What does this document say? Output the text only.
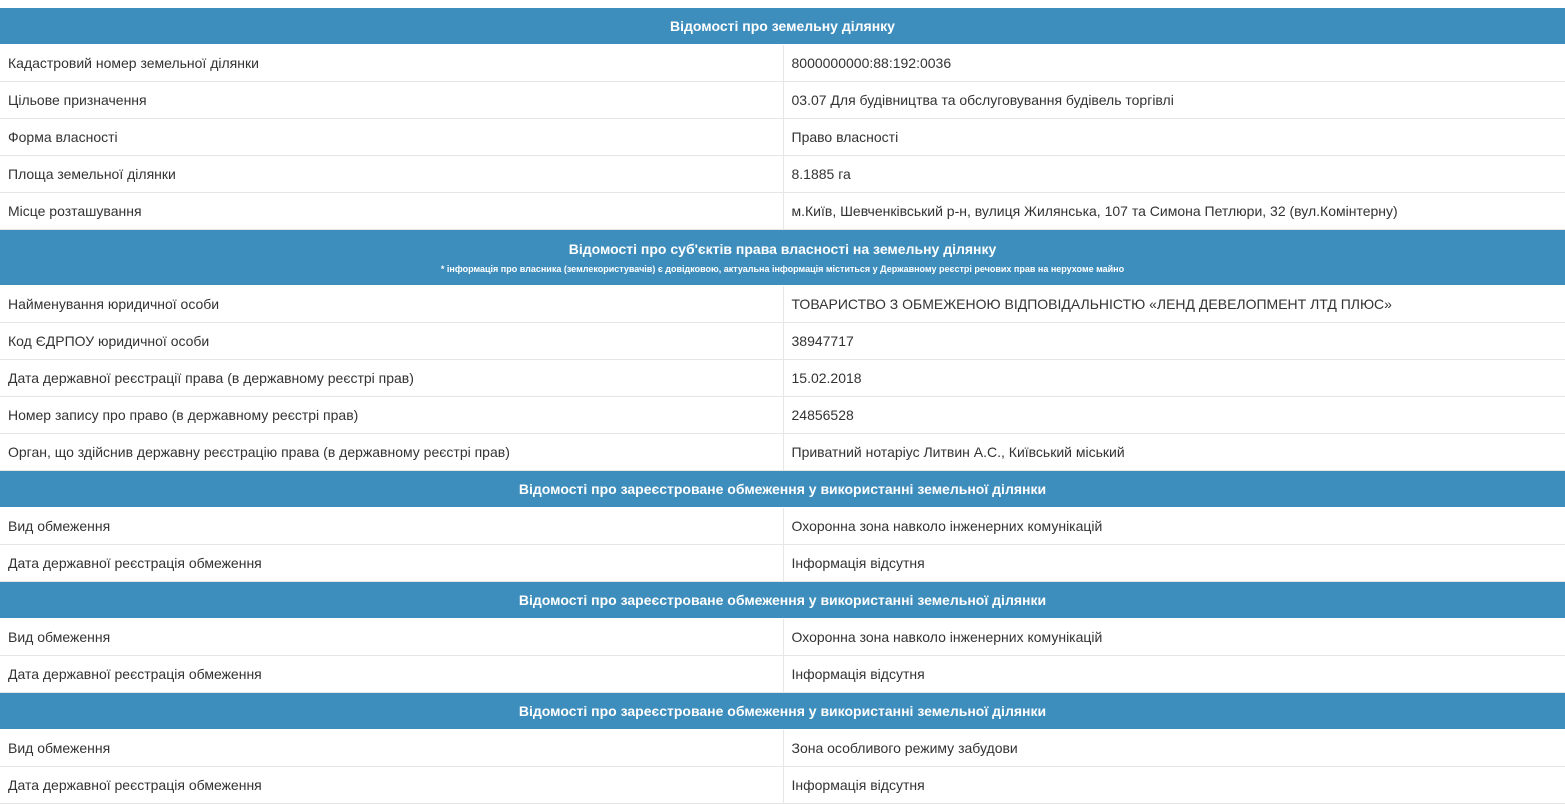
Відомості про земельну ділянку	
Кадастровий номер земельної ділянки	8000000000:88:192:0036
Цільове призначення	03.07 Для будівництва та обслуговування будівель торгівлі
Форма власності	Право власності
Площа земельної ділянки	8.1885 га
Місце розташування	м.Київ, Шевченківський р-н, вулиця Жилянська, 107 та Симона Петлюри, 32 (вул.Комінтерну)
Відомості про суб'єктів права власності на земельну ділянку
* інформація про власника (землекористувачів) є довідковою, актуальна інформація міститься у Державному реєстрі речових прав на нерухоме майно	

Найменування юридичної особи	ТОВАРИСТВО З ОБМЕЖЕНОЮ ВІДПОВІДАЛЬНІСТЮ «ЛЕНД ДЕВЕЛОПМЕНТ ЛТД ПЛЮС»
Код ЄДРПОУ юридичної особи	38947717
Дата державної реєстрації права (в державному реєстрі прав)	15.02.2018
Номер запису про право (в державному реєстрі прав)	24856528
Орган, що здійснив державну реєстрацію права (в державному реєстрі прав)	Приватний нотаріус Литвин А.С., Київський міський
Відомості про зареєстроване обмеження у використанні земельної ділянки	
Вид обмеження	Охоронна зона навколо інженерних комунікацій
Дата державної реєстрація обмеження	Інформація відсутня
Відомості про зареєстроване обмеження у використанні земельної ділянки	
Вид обмеження	Охоронна зона навколо інженерних комунікацій
Дата державної реєстрація обмеження	Інформація відсутня
Відомості про зареєстроване обмеження у використанні земельної ділянки	
Вид обмеження	Зона особливого режиму забудови
Дата державної реєстрація обмеження	Інформація відсутня
